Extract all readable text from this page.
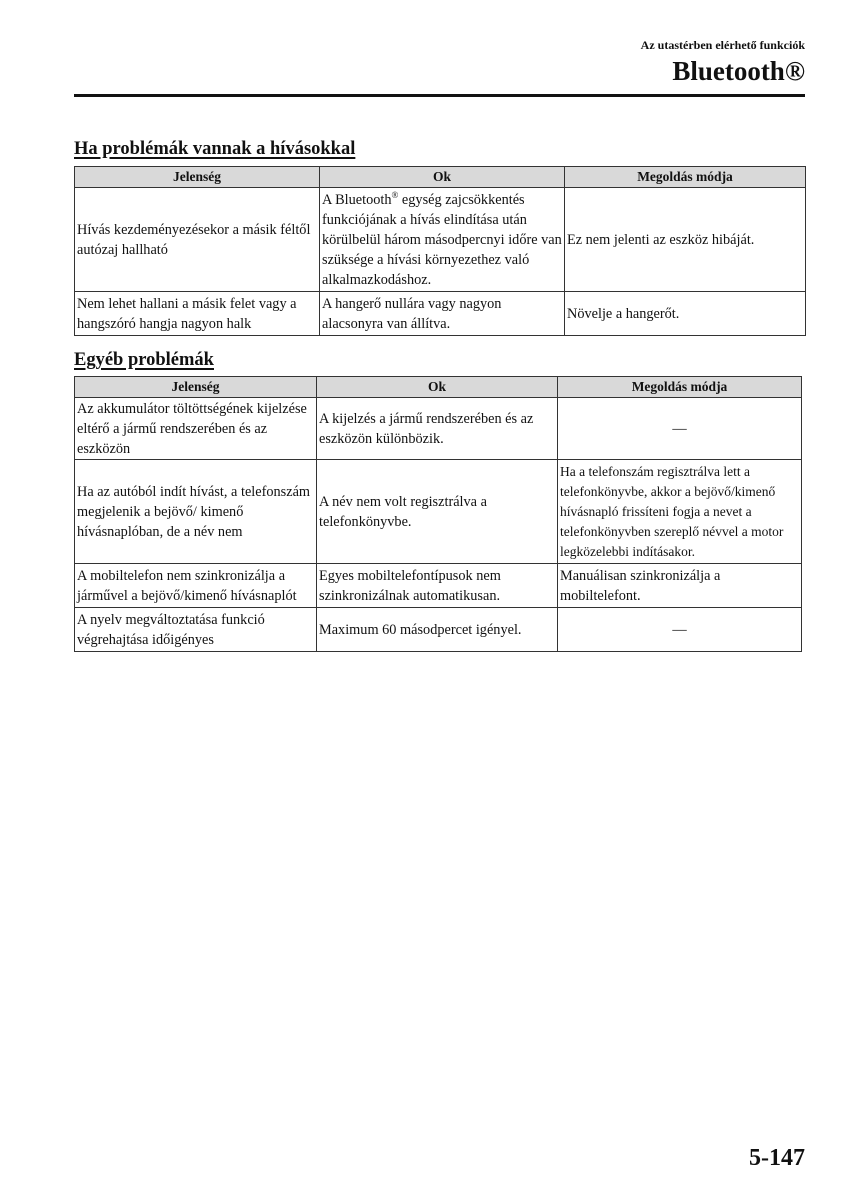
Az utastérben elérhető funkciók
Bluetooth®
Ha problémák vannak a hívásokkal
Jelenség	Ok	Megoldás módja
Hívás kezdeményezésekor a másik féltől autózaj hallható	A Bluetooth® egység zajcsökkentés funkciójának a hívás elindítása után körülbelül három másodpercnyi időre van szüksége a hívási környezethez való alkalmazkodáshoz.	Ez nem jelenti az eszköz hibáját.
Nem lehet hallani a másik felet vagy a hangszóró hangja nagyon halk	A hangerő nullára vagy nagyon alacsonyra van állítva.	Növelje a hangerőt.
Egyéb problémák
Jelenség	Ok	Megoldás módja
Az akkumulátor töltöttségének kijelzése eltérő a jármű rendszerében és az eszközön	A kijelzés a jármű rendszerében és az eszközön különbözik.	—
Ha az autóból indít hívást, a telefonszám megjelenik a bejövő/ kimenő hívásnaplóban, de a név nem	A név nem volt regisztrálva a telefonkönyvbe.	Ha a telefonszám regisztrálva lett a telefonkönyvbe, akkor a bejövő/kimenő hívásnapló frissíteni fogja a nevet a telefonkönyvben szereplő névvel a motor legközelebbi indításakor.
A mobiltelefon nem szinkronizálja a járművel a bejövő/kimenő hívásnaplót	Egyes mobiltelefontípusok nem szinkronizálnak automatikusan.	Manuálisan szinkronizálja a mobiltelefont.
A nyelv megváltoztatása funkció végrehajtása időigényes	Maximum 60 másodpercet igényel.	—
5-147
